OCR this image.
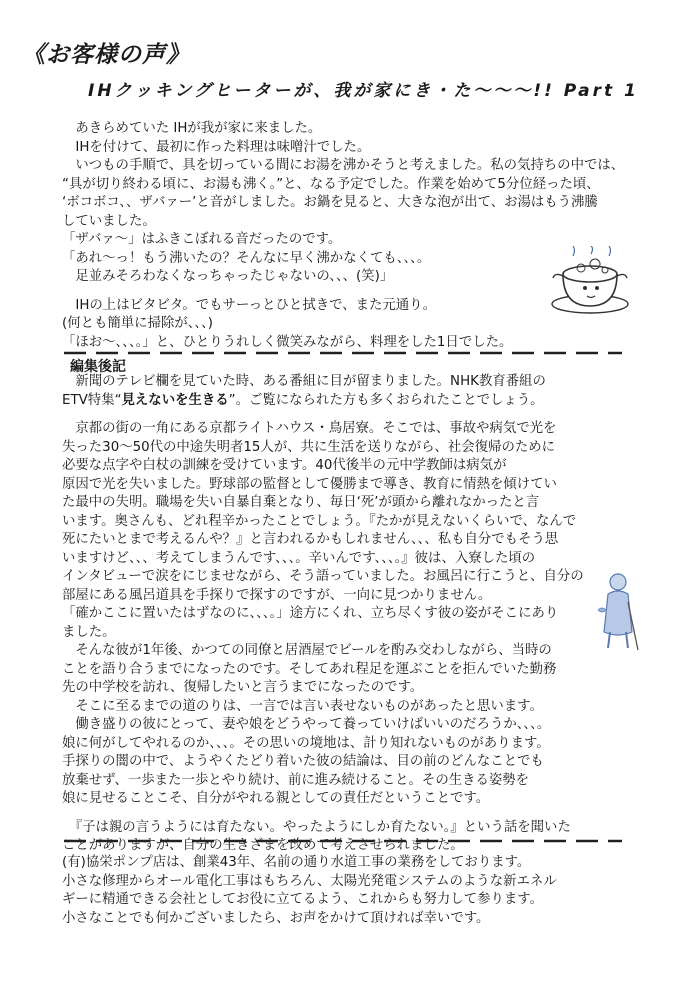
《お客様の声》
IHクッキングヒーターが、我が家にき・た～～～!! Part 1
　あきらめていた IHが我が家に来ました。
　IHを付けて、最初に作った料理は味噌汁でした。
　いつもの手順で、具を切っている間にお湯を沸かそうと考えました。私の気持ちの中では、
“具が切り終わる頃に、お湯も沸く。”と、なる予定でした。作業を始めて5分位経った頃、
‘ボコボコ、、ザバァー’と音がしました。お鍋を見ると、大きな泡が出て、お湯はもう沸騰
していました。
「ザバァ～」はふきこぼれる音だったのです。
「あれ～っ！もう沸いたの？そんなに早く沸かなくても、、、。
　足並みそろわなくなっちゃったじゃないの、、、(笑)」
　IHの上はビタビタ。でもサーっとひと拭きで、また元通り。
(何とも簡単に掃除が、、、)
「ほお～、、、。」と、ひとりうれしく微笑みながら、料理をした1日でした。
編集後記
　新聞のテレビ欄を見ていた時、ある番組に目が留まりました。NHK教育番組の
ETV特集“見えないを生きる”。ご覧になられた方も多くおられたことでしょう。
　京都の街の一角にある京都ライトハウス・鳥居寮。そこでは、事故や病気で光を
失った30～50代の中途失明者15人が、共に生活を送りながら、社会復帰のために
必要な点字や白杖の訓練を受けています。40代後半の元中学教師は病気が
原因で光を失いました。野球部の監督として優勝まで導き、教育に情熱を傾けてい
た最中の失明。職場を失い自暴自棄となり、毎日‘死’が頭から離れなかったと言
います。奥さんも、どれ程辛かったことでしょう。『たかが見えないくらいで、なんで
死にたいとまで考えるんや？』と言われるかもしれません、、、私も自分でもそう思
いますけど、、、考えてしまうんです、、、。辛いんです、、、。』彼は、入寮した頃の
インタビューで涙をにじませながら、そう語っていました。お風呂に行こうと、自分の
部屋にある風呂道具を手探りで探すのですが、一向に見つかりません。
「確かここに置いたはずなのに、、、。」途方にくれ、立ち尽くす彼の姿がそこにあり
ました。
　そんな彼が1年後、かつての同僚と居酒屋でビールを酌み交わしながら、当時の
ことを語り合うまでになったのです。そしてあれ程足を運ぶことを拒んでいた勤務
先の中学校を訪れ、復帰したいと言うまでになったのです。
　そこに至るまでの道のりは、一言では言い表せないものがあったと思います。
　働き盛りの彼にとって、妻や娘をどうやって養っていけばいいのだろうか、、、。
娘に何がしてやれるのか、、、。その思いの境地は、計り知れないものがあります。
手探りの闇の中で、ようやくたどり着いた彼の結論は、目の前のどんなことでも
放棄せず、一歩また一歩とやり続け、前に進み続けること。その生きる姿勢を
娘に見せることこそ、自分がやれる親としての責任だということです。
　『子は親の言うようには育たない。やったようにしか育たない。』という話を聞いた
ことがありますが、自分の生きざまを改めて考えさせられました。
(有)協栄ポンプ店は、創業43年、名前の通り水道工事の業務をしております。
小さな修理からオール電化工事はもちろん、太陽光発電システムのような新エネル
ギーに精通できる会社としてお役に立てるよう、これからも努力して参ります。
小さなことでも何かございましたら、お声をかけて頂ければ幸いです。
